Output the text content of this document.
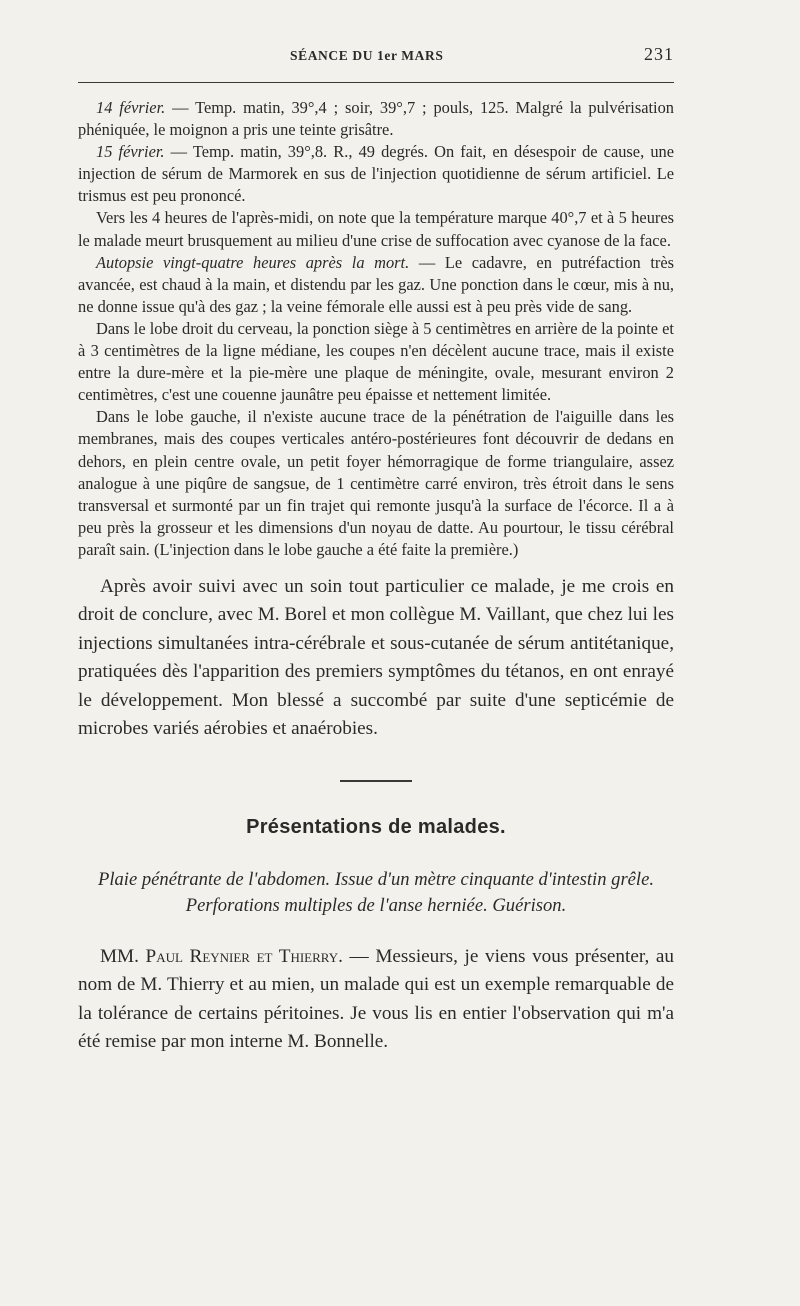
SÉANCE DU 1er MARS	231

14 février. — Temp. matin, 39°,4 ; soir, 39°,7 ; pouls, 125. Malgré la pulvérisation phéniquée, le moignon a pris une teinte grisâtre.

15 février. — Temp. matin, 39°,8. R., 49 degrés. On fait, en désespoir de cause, une injection de sérum de Marmorek en sus de l'injection quotidienne de sérum artificiel. Le trismus est peu prononcé.

Vers les 4 heures de l'après-midi, on note que la température marque 40°,7 et à 5 heures le malade meurt brusquement au milieu d'une crise de suffocation avec cyanose de la face.

Autopsie vingt-quatre heures après la mort. — Le cadavre, en putréfaction très avancée, est chaud à la main, et distendu par les gaz. Une ponction dans le cœur, mis à nu, ne donne issue qu'à des gaz ; la veine fémorale elle aussi est à peu près vide de sang.

Dans le lobe droit du cerveau, la ponction siège à 5 centimètres en arrière de la pointe et à 3 centimètres de la ligne médiane, les coupes n'en décèlent aucune trace, mais il existe entre la dure-mère et la pie-mère une plaque de méningite, ovale, mesurant environ 2 centimètres, c'est une couenne jaunâtre peu épaisse et nettement limitée.

Dans le lobe gauche, il n'existe aucune trace de la pénétration de l'aiguille dans les membranes, mais des coupes verticales antéro-postérieures font découvrir de dedans en dehors, en plein centre ovale, un petit foyer hémorragique de forme triangulaire, assez analogue à une piqûre de sangsue, de 1 centimètre carré environ, très étroit dans le sens transversal et surmonté par un fin trajet qui remonte jusqu'à la surface de l'écorce. Il a à peu près la grosseur et les dimensions d'un noyau de datte. Au pourtour, le tissu cérébral paraît sain. (L'injection dans le lobe gauche a été faite la première.)

Après avoir suivi avec un soin tout particulier ce malade, je me crois en droit de conclure, avec M. Borel et mon collègue M. Vaillant, que chez lui les injections simultanées intra-cérébrale et sous-cutanée de sérum antitétanique, pratiquées dès l'apparition des premiers symptômes du tétanos, en ont enrayé le développement. Mon blessé a succombé par suite d'une septicémie de microbes variés aérobies et anaérobies.

Présentations de malades.
Plaie pénétrante de l'abdomen. Issue d'un mètre cinquante d'intestin grêle. Perforations multiples de l'anse herniée. Guérison.

MM. Paul Reynier et Thierry. — Messieurs, je viens vous présenter, au nom de M. Thierry et au mien, un malade qui est un exemple remarquable de la tolérance de certains péritoines. Je vous lis en entier l'observation qui m'a été remise par mon interne M. Bonnelle.
